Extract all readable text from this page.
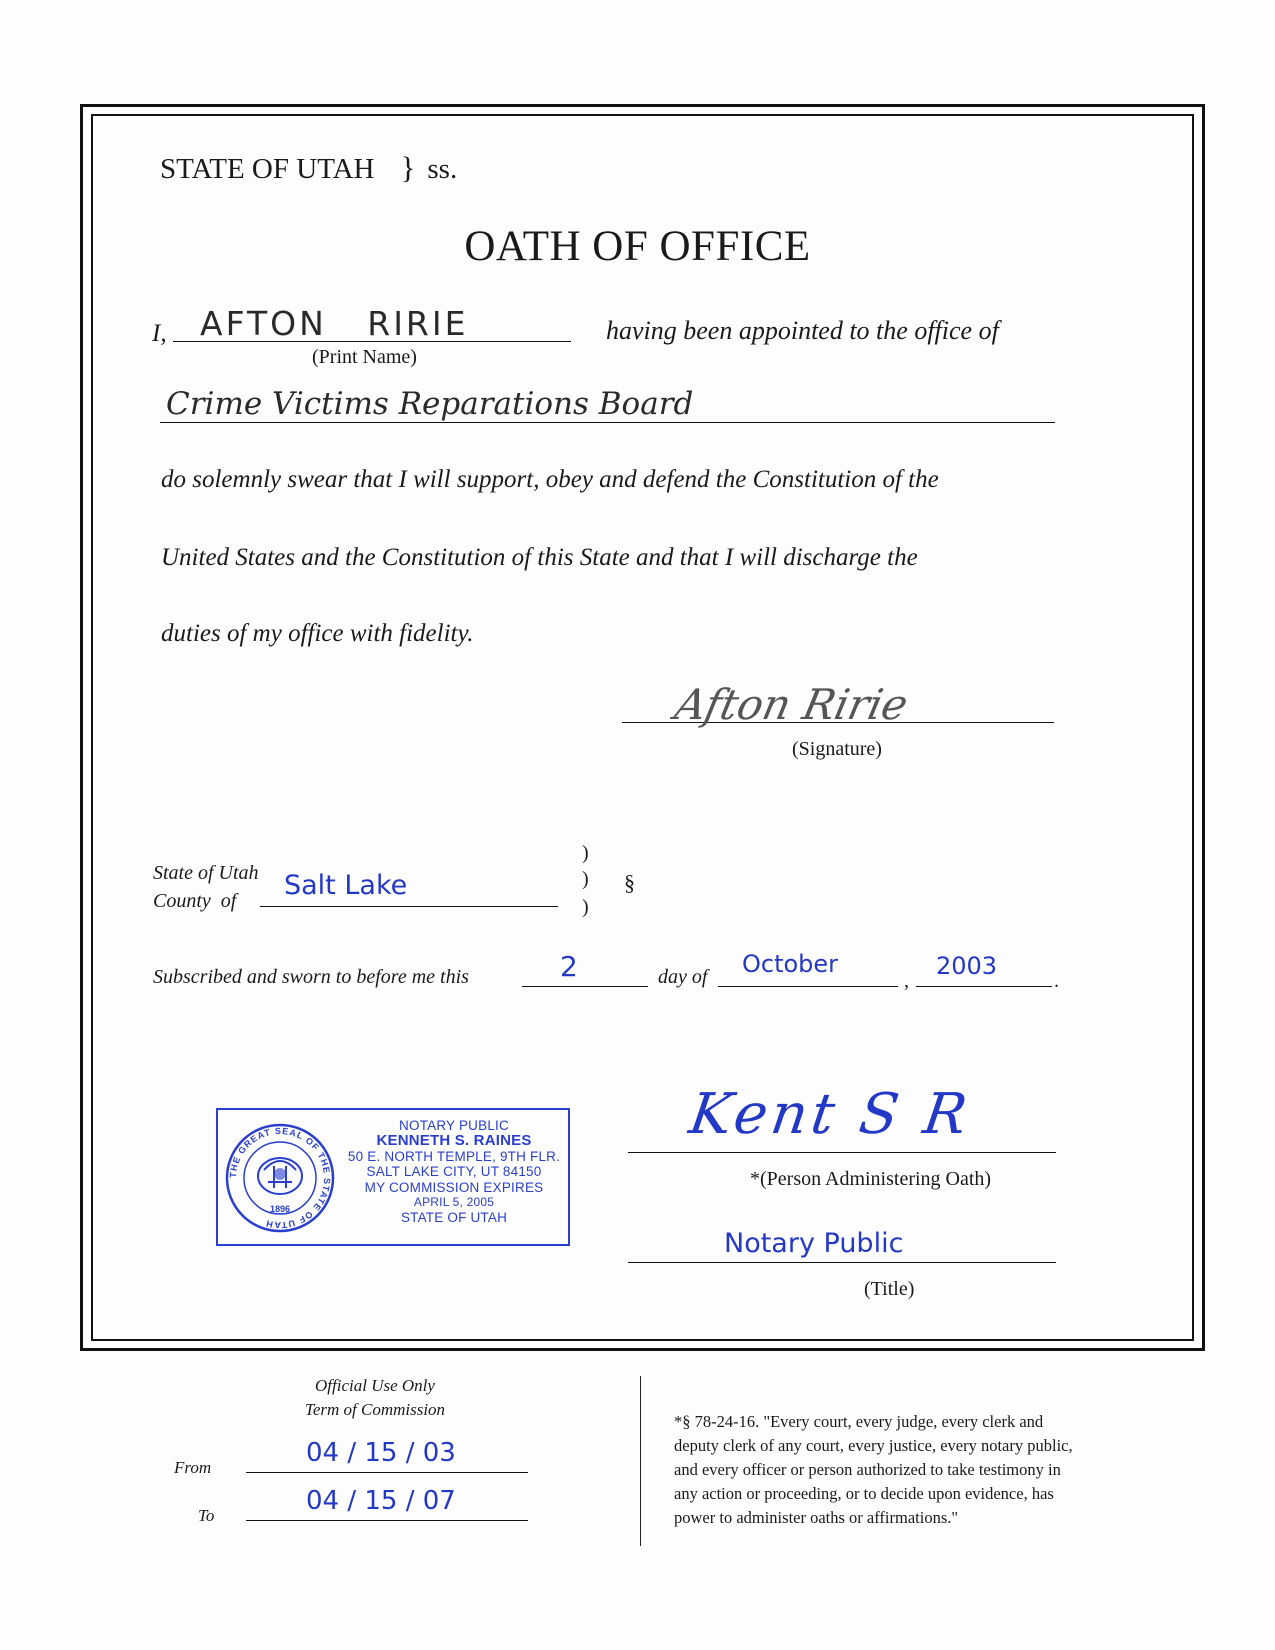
STATE OF UTAH } ss.
OATH OF OFFICE
I, AFTON   RIRIE	having been appointed to the office of
(Print Name)
Crime Victims Reparations Board
do solemnly swear that I will support, obey and defend the Constitution of the
United States and the Constitution of this State and that I will discharge the
duties of my office with fidelity.
Afton Ririe
(Signature)
State of Utah
County  of Salt Lake
)
)
)
§
Subscribed and sworn to before me this	2	day of October
,
2003
.
THE GREAT SEAL OF THE STATE OF UTAH
1896
NOTARY PUBLIC
KENNETH S. RAINES
50 E. NORTH TEMPLE, 9TH FLR.
SALT LAKE CITY, UT 84150
MY COMMISSION EXPIRES
APRIL 5, 2005
STATE OF UTAH
Kent S R
*(Person Administering Oath)
Notary Public
(Title)
Official Use Only
Term of Commission
From	04 / 15 / 03
To	04 / 15 / 07
*§ 78-24-16. "Every court, every judge, every clerk and
deputy clerk of any court, every justice, every notary public,
and every officer or person authorized to take testimony in
any action or proceeding, or to decide upon evidence, has
power to administer oaths or affirmations."
